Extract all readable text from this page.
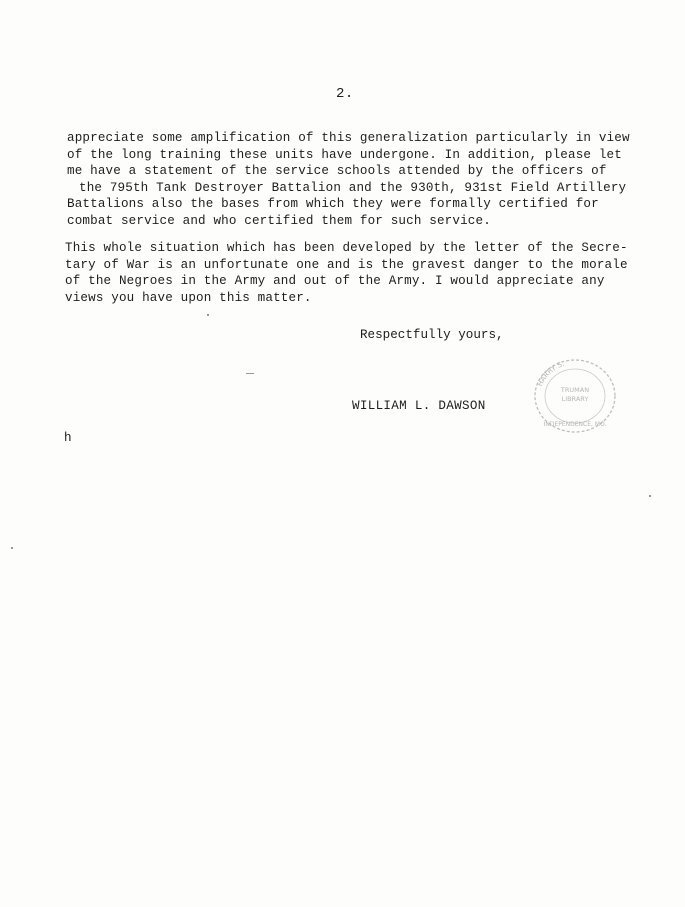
2.
appreciate some amplification of this generalization particularly in view
of the long training these units have undergone. In addition, please let
me have a statement of the service schools attended by the officers of
the 795th Tank Destroyer Battalion and the 930th, 931st Field Artillery
Battalions also the bases from which they were formally certified for
combat service and who certified them for such service.
This whole situation which has been developed by the letter of the Secre-
tary of War is an unfortunate one and is the gravest danger to the morale
of the Negroes in the Army and out of the Army. I would appreciate any
views you have upon this matter.
Respectfully yours,
WILLIAM L. DAWSON
h
HARRY S.
TRUMAN
LIBRARY
INDEPENDENCE, MO.
